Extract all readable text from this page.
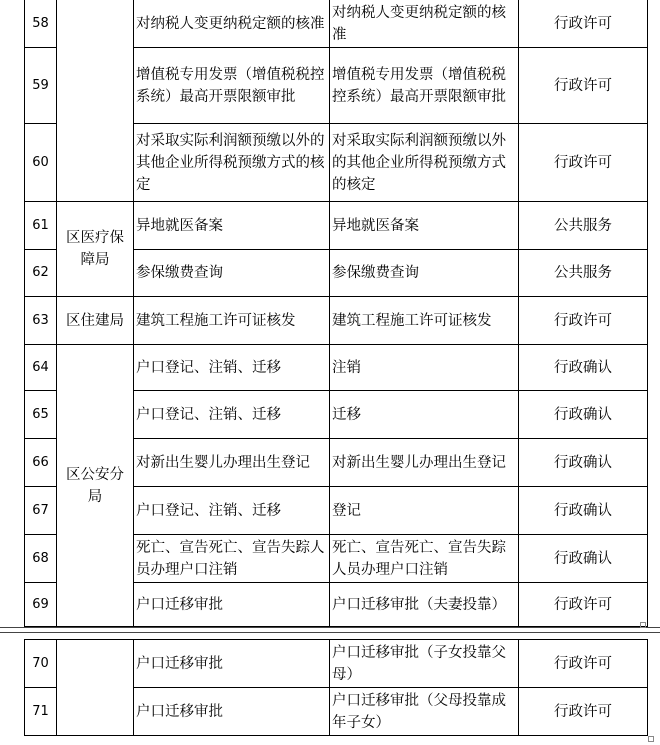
58		对纳税人变更纳税定额的核准	对纳税人变更纳税定额的核准	行政许可
59		增值税专用发票（增值税税控系统）最高开票限额审批	增值税专用发票（增值税税控系统）最高开票限额审批	行政许可
60		对采取实际利润额预缴以外的其他企业所得税预缴方式的核定	对采取实际利润额预缴以外的其他企业所得税预缴方式的核定	行政许可
61	区医疗保障局	异地就医备案	异地就医备案	公共服务
62		参保缴费查询	参保缴费查询	公共服务
63	区住建局	建筑工程施工许可证核发	建筑工程施工许可证核发	行政许可
64	区公安分局	户口登记、注销、迁移	注销	行政确认
65		户口登记、注销、迁移	迁移	行政确认
66		对新出生婴儿办理出生登记	对新出生婴儿办理出生登记	行政确认
67		户口登记、注销、迁移	登记	行政确认
68		死亡、宣告死亡、宣告失踪人员办理户口注销	死亡、宣告死亡、宣告失踪人员办理户口注销	行政确认
69		户口迁移审批	户口迁移审批（夫妻投靠）	行政许可
70		户口迁移审批	户口迁移审批（子女投靠父母）	行政许可
71		户口迁移审批	户口迁移审批（父母投靠成年子女）	行政许可
